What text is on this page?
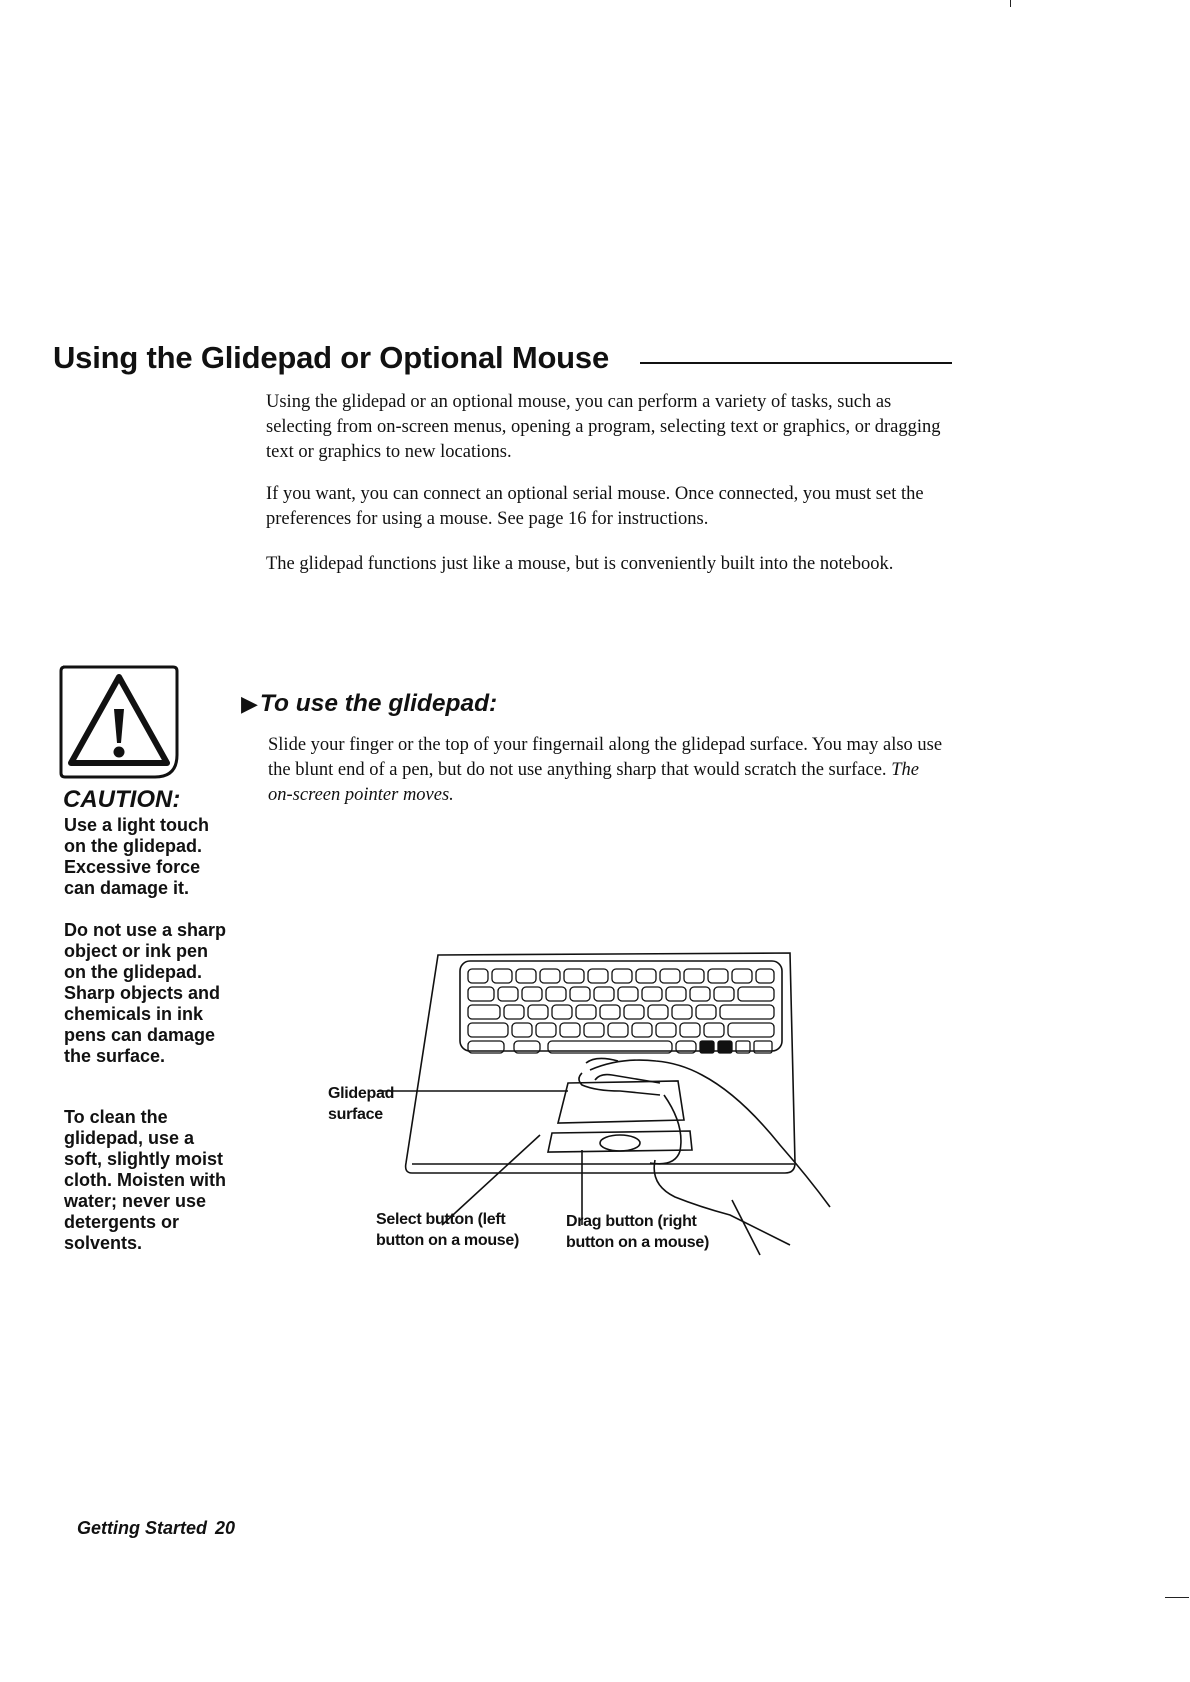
Using the Glidepad or Optional Mouse

Using the glidepad or an optional mouse, you can perform a variety of tasks, such as selecting from on-screen menus, opening a program, selecting text or graphics, or dragging text or graphics to new locations.

If you want, you can connect an optional serial mouse. Once connected, you must set the preferences for using a mouse. See page 16 for instructions.

The glidepad functions just like a mouse, but is conveniently built into the notebook.

CAUTION:

Use a light touch on the glidepad. Excessive force can damage it.

Do not use a sharp object or ink pen on the glidepad. Sharp objects and chemicals in ink pens can damage the surface.

To clean the glidepad, use a soft, slightly moist cloth. Moisten with water; never use detergents or solvents.

▶To use the glidepad:

Slide your finger or the top of your fingernail along the glidepad surface. You may also use the blunt end of a pen, but do not use anything sharp that would scratch the surface. The on-screen pointer moves.

Glidepad surface

Select button (left button on a mouse)

Drag button (right button on a mouse)

Getting Started 20
